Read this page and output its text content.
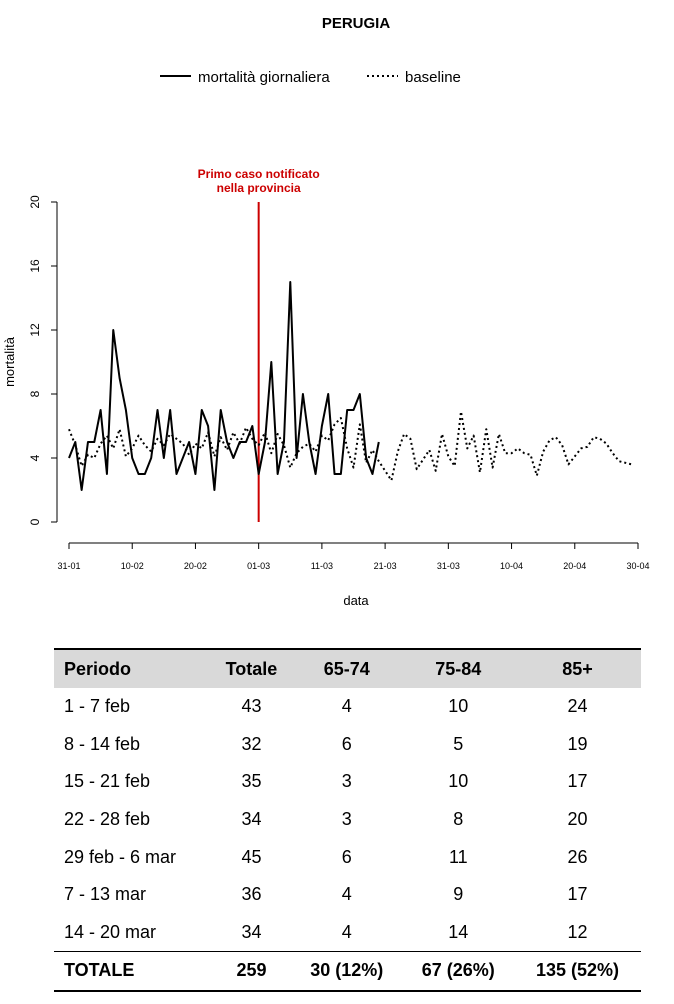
PERUGIA
mortalità giornaliera	baseline
0
4
8
12
16
20
31-01	10-02	20-02	01-03	11-03	21-03	31-03	10-04	20-04	30-04
mortalità
data
Primo caso notificato
nella provincia
Periodo	Totale	65-74	75-84	85+
1 - 7 feb	43	4	10	24
8 - 14 feb	32	6	5	19
15 - 21 feb	35	3	10	17
22 - 28 feb	34	3	8	20
29 feb - 6 mar	45	6	11	26
7 - 13 mar	36	4	9	17
14 - 20 mar	34	4	14	12
TOTALE	259	30 (12%)	67 (26%)	135 (52%)
